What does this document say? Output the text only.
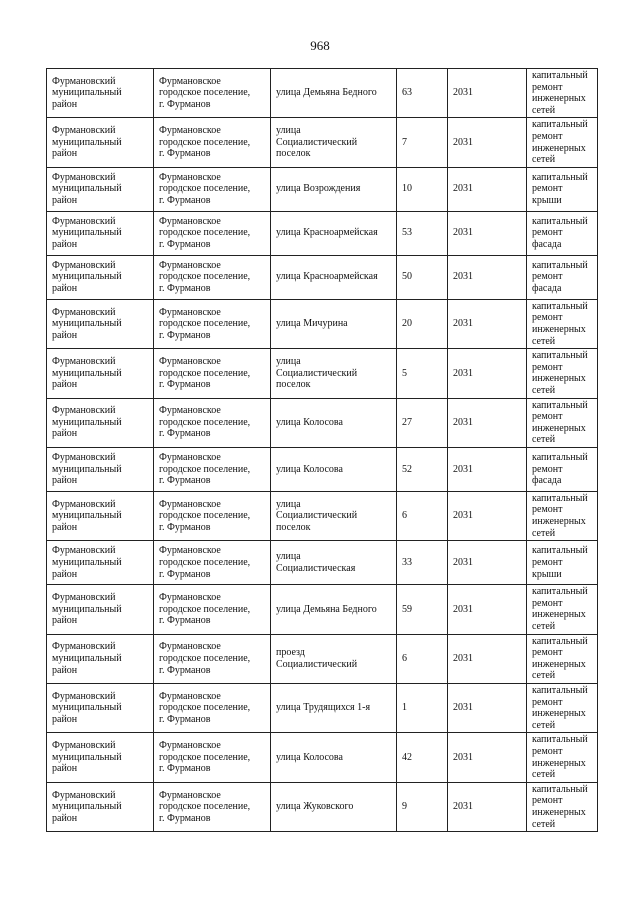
968
Фурмановский
муниципальный
район	Фурмановское
городское поселение,
г. Фурманов	улица Демьяна Бедного	63	2031	капитальный
ремонт
инженерных
сетей
Фурмановский
муниципальный
район	Фурмановское
городское поселение,
г. Фурманов	улица
Социалистический
поселок	7	2031	капитальный
ремонт
инженерных
сетей
Фурмановский
муниципальный
район	Фурмановское
городское поселение,
г. Фурманов	улица Возрождения	10	2031	капитальный
ремонт крыши
Фурмановский
муниципальный
район	Фурмановское
городское поселение,
г. Фурманов	улица Красноармейская	53	2031	капитальный
ремонт фасада
Фурмановский
муниципальный
район	Фурмановское
городское поселение,
г. Фурманов	улица Красноармейская	50	2031	капитальный
ремонт фасада
Фурмановский
муниципальный
район	Фурмановское
городское поселение,
г. Фурманов	улица Мичурина	20	2031	капитальный
ремонт
инженерных
сетей
Фурмановский
муниципальный
район	Фурмановское
городское поселение,
г. Фурманов	улица
Социалистический
поселок	5	2031	капитальный
ремонт
инженерных
сетей
Фурмановский
муниципальный
район	Фурмановское
городское поселение,
г. Фурманов	улица Колосова	27	2031	капитальный
ремонт
инженерных
сетей
Фурмановский
муниципальный
район	Фурмановское
городское поселение,
г. Фурманов	улица Колосова	52	2031	капитальный
ремонт фасада
Фурмановский
муниципальный
район	Фурмановское
городское поселение,
г. Фурманов	улица
Социалистический
поселок	6	2031	капитальный
ремонт
инженерных
сетей
Фурмановский
муниципальный
район	Фурмановское
городское поселение,
г. Фурманов	улица
Социалистическая	33	2031	капитальный
ремонт крыши
Фурмановский
муниципальный
район	Фурмановское
городское поселение,
г. Фурманов	улица Демьяна Бедного	59	2031	капитальный
ремонт
инженерных
сетей
Фурмановский
муниципальный
район	Фурмановское
городское поселение,
г. Фурманов	проезд
Социалистический	6	2031	капитальный
ремонт
инженерных
сетей
Фурмановский
муниципальный
район	Фурмановское
городское поселение,
г. Фурманов	улица Трудящихся 1-я	1	2031	капитальный
ремонт
инженерных
сетей
Фурмановский
муниципальный
район	Фурмановское
городское поселение,
г. Фурманов	улица Колосова	42	2031	капитальный
ремонт
инженерных
сетей
Фурмановский
муниципальный
район	Фурмановское
городское поселение,
г. Фурманов	улица Жуковского	9	2031	капитальный
ремонт
инженерных
сетей
